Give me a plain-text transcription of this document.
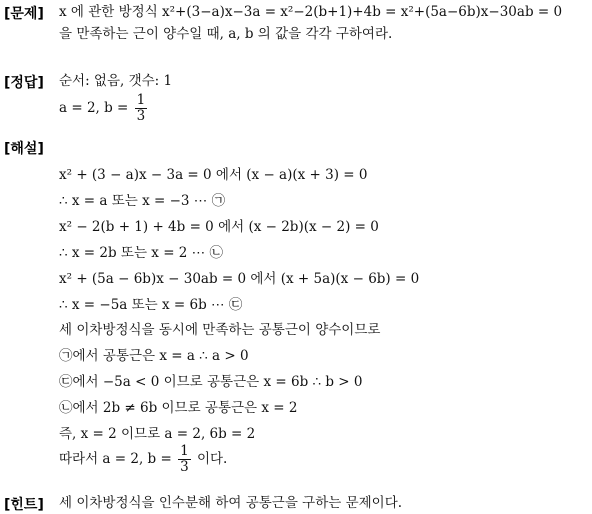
[문제] x 에 관한 방정식 x²+(3−a)x−3a = x²−2(b+1)+4b = x²+(5a−6b)x−30ab = 0
을 만족하는 근이 양수일 때, a, b 의 값을 각각 구하여라.
[정답] 순서: 없음, 갯수: 1
a = 2, $b = \frac{1}{3}$
[해설]
x² + (3 − a)x − 3a = 0 에서 (x − a)(x + 3) = 0
∴ x = a 또는 x = −3 ⋯ ㉠
x² − 2(b + 1) + 4b = 0 에서 (x − 2b)(x − 2) = 0
∴ x = 2b 또는 x = 2 ⋯ ㉡
x² + (5a − 6b)x − 30ab = 0 에서 (x + 5a)(x − 6b) = 0
∴ x = −5a 또는 x = 6b ⋯ ㉢
세 이차방정식을 동시에 만족하는 공통근이 양수이므로
㉠에서 공통근은 x = a ∴ a > 0
㉢에서 −5a < 0 이므로 공통근은 x = 6b ∴ b > 0
㉡에서 2b ≠ 6b 이므로 공통근은 x = 2
즉, x = 2 이므로 a = 2, 6b = 2
따라서 a = 2, $b = \frac{1}{3}$ 이다.
[힌트] 세 이차방정식을 인수분해 하여 공통근을 구하는 문제이다.
